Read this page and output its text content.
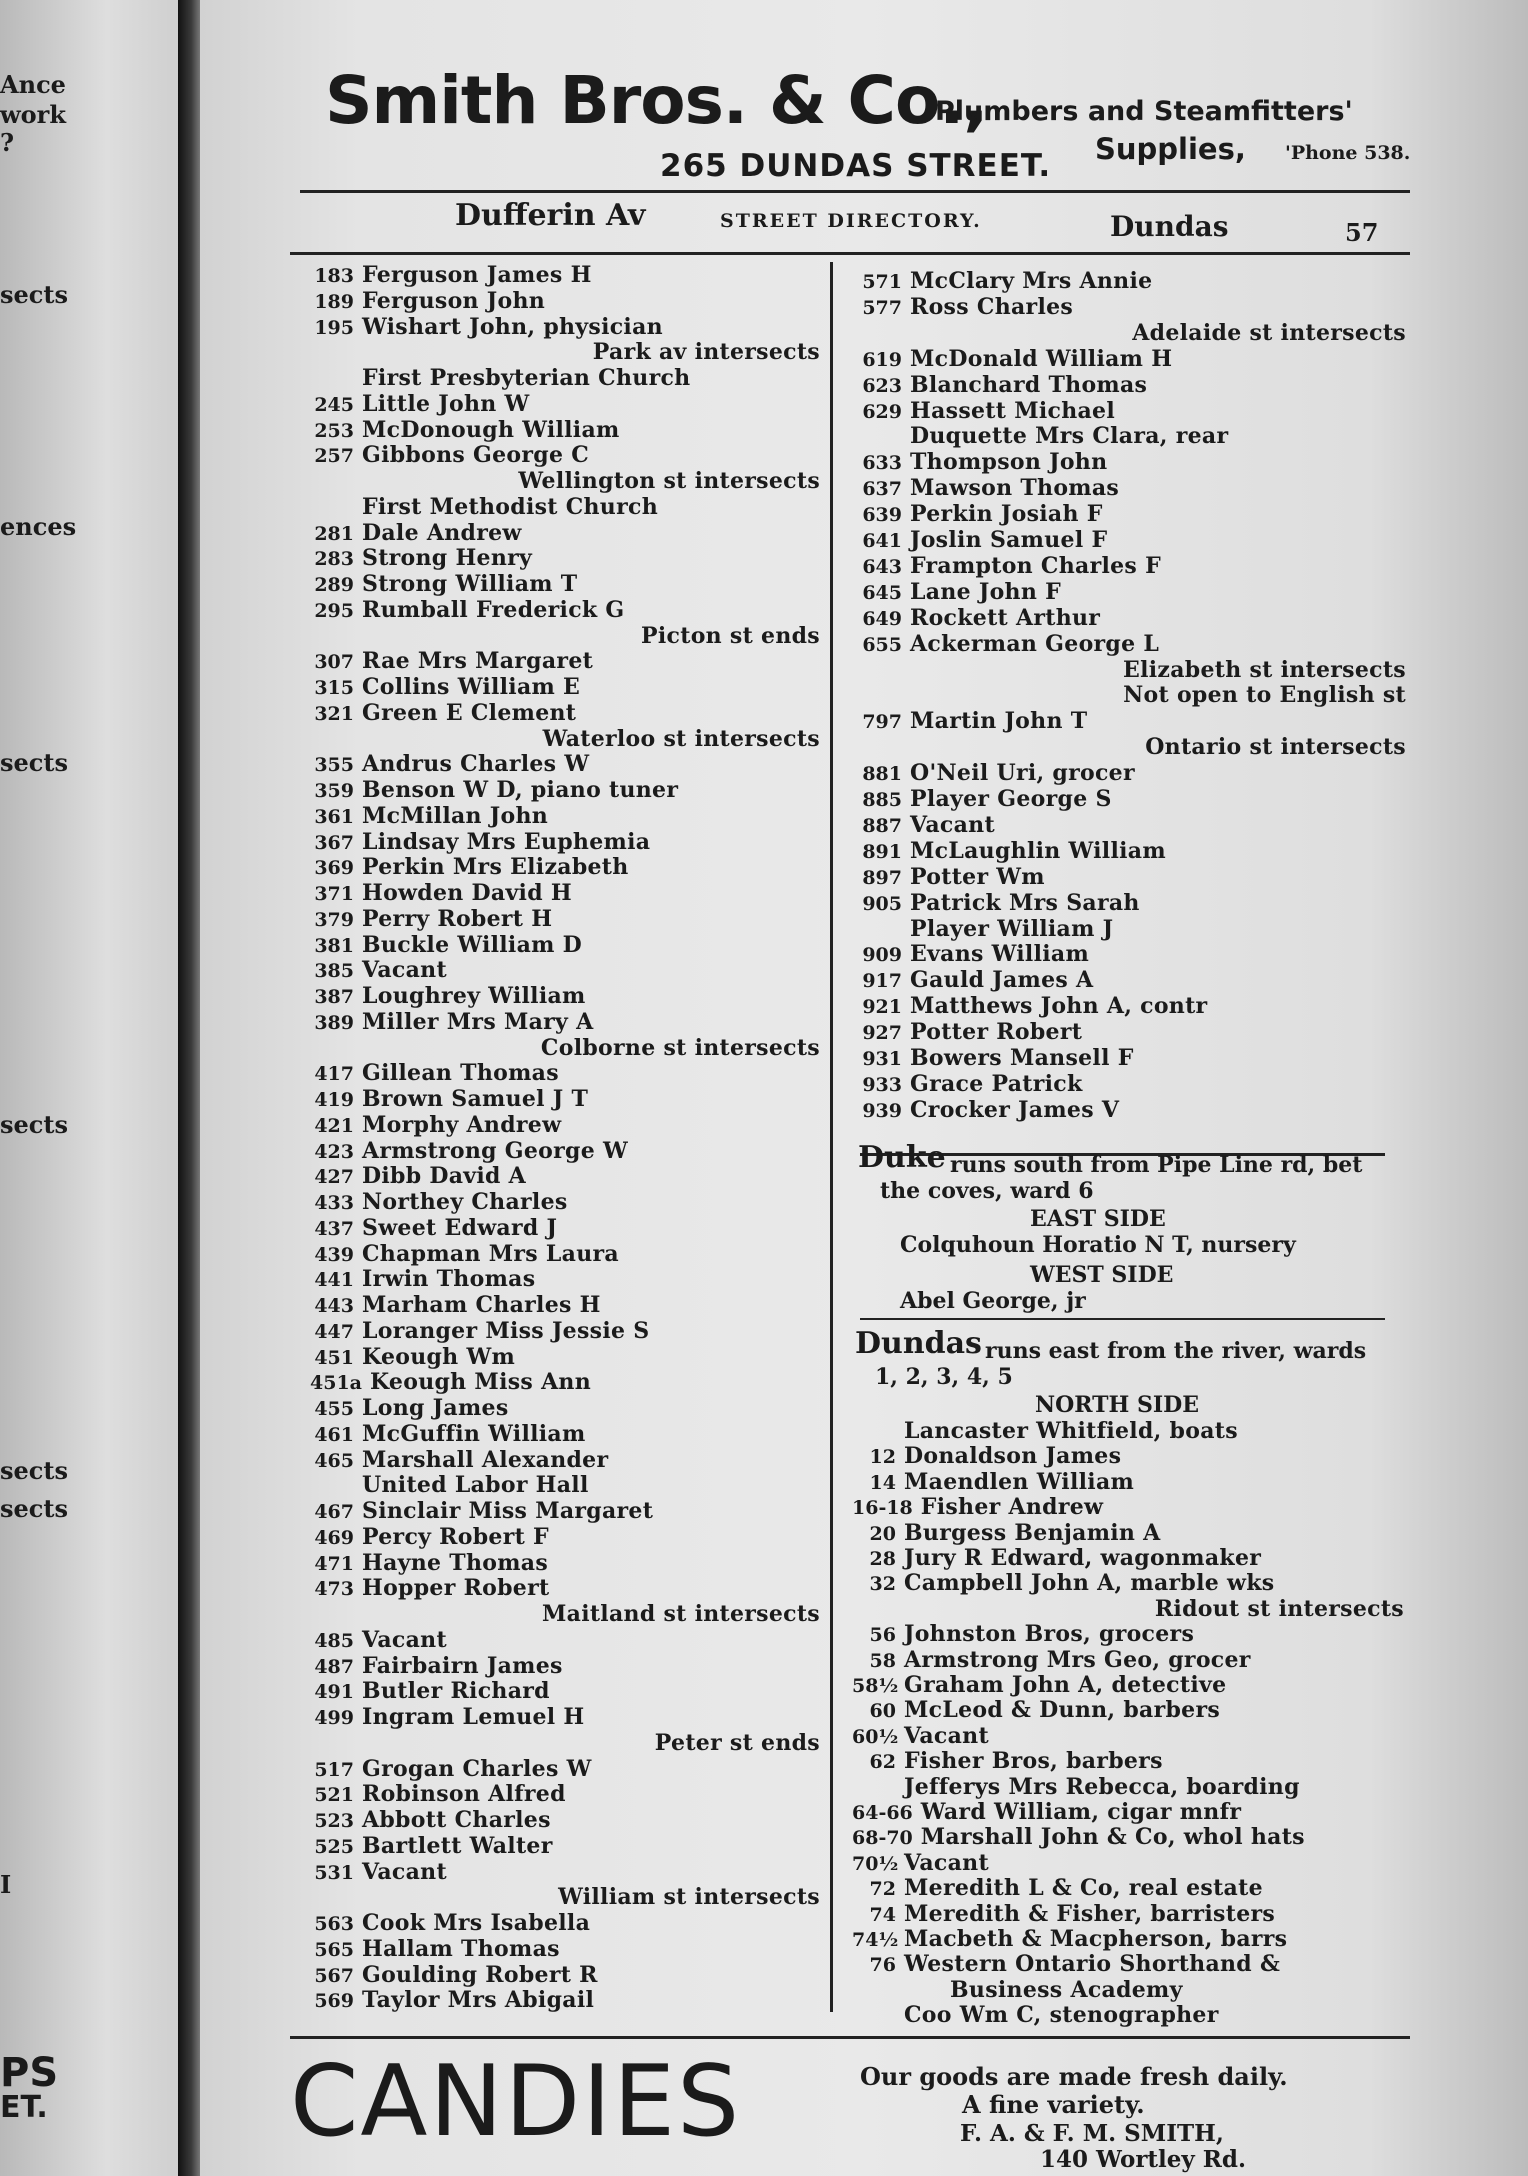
Ance
work
?
sects
ences
sects
sects
sects
sects
I
PS
ET.
Smith Bros. & Co.,
Plumbers and Steamfitters'
Supplies, 'Phone 538.
265 DUNDAS STREET.
Dufferin Av	STREET DIRECTORY.	Dundas	57
CANDIES	Our goods are made fresh daily.
A fine variety.
F. A. & F. M. SMITH,
140 Wortley Rd.
183 Ferguson James H
189 Ferguson John
195 Wishart John, physician
Park av intersects
First Presbyterian Church
245 Little John W
253 McDonough William
257 Gibbons George C
Wellington st intersects
First Methodist Church
281 Dale Andrew
283 Strong Henry
289 Strong William T
295 Rumball Frederick G
Picton st ends
307 Rae Mrs Margaret
315 Collins William E
321 Green E Clement
Waterloo st intersects
355 Andrus Charles W
359 Benson W D, piano tuner
361 McMillan John
367 Lindsay Mrs Euphemia
369 Perkin Mrs Elizabeth
371 Howden David H
379 Perry Robert H
381 Buckle William D
385 Vacant
387 Loughrey William
389 Miller Mrs Mary A
Colborne st intersects
417 Gillean Thomas
419 Brown Samuel J T
421 Morphy Andrew
423 Armstrong George W
427 Dibb David A
433 Northey Charles
437 Sweet Edward J
439 Chapman Mrs Laura
441 Irwin Thomas
443 Marham Charles H
447 Loranger Miss Jessie S
451 Keough Wm
451a Keough Miss Ann
455 Long James
461 McGuffin William
465 Marshall Alexander
United Labor Hall
467 Sinclair Miss Margaret
469 Percy Robert F
471 Hayne Thomas
473 Hopper Robert
Maitland st intersects
485 Vacant
487 Fairbairn James
491 Butler Richard
499 Ingram Lemuel H
Peter st ends
517 Grogan Charles W
521 Robinson Alfred
523 Abbott Charles
525 Bartlett Walter
531 Vacant
William st intersects
563 Cook Mrs Isabella
565 Hallam Thomas
567 Goulding Robert R
569 Taylor Mrs Abigail
571 McClary Mrs Annie
577 Ross Charles
Adelaide st intersects
619 McDonald William H
623 Blanchard Thomas
629 Hassett Michael
Duquette Mrs Clara, rear
633 Thompson John
637 Mawson Thomas
639 Perkin Josiah F
641 Joslin Samuel F
643 Frampton Charles F
645 Lane John F
649 Rockett Arthur
655 Ackerman George L
Elizabeth st intersects
Not open to English st
797 Martin John T
Ontario st intersects
881 O'Neil Uri, grocer
885 Player George S
887 Vacant
891 McLaughlin William
897 Potter Wm
905 Patrick Mrs Sarah
Player William J
909 Evans William
917 Gauld James A
921 Matthews John A, contr
927 Potter Robert
931 Bowers Mansell F
933 Grace Patrick
939 Crocker James V
Duke runs south from Pipe Line rd, bet
the coves, ward 6
EAST SIDE
Colquhoun Horatio N T, nursery
WEST SIDE
Abel George, jr
Dundas runs east from the river, wards
1, 2, 3, 4, 5
NORTH SIDE
Lancaster Whitfield, boats
12 Donaldson James
14 Maendlen William
16-18 Fisher Andrew
20 Burgess Benjamin A
28 Jury R Edward, wagonmaker
32 Campbell John A, marble wks
Ridout st intersects
56 Johnston Bros, grocers
58 Armstrong Mrs Geo, grocer
58½ Graham John A, detective
60 McLeod & Dunn, barbers
60½ Vacant
62 Fisher Bros, barbers
Jefferys Mrs Rebecca, boarding
64-66 Ward William, cigar mnfr
68-70 Marshall John & Co, whol hats
70½ Vacant
72 Meredith L & Co, real estate
74 Meredith & Fisher, barristers
74½ Macbeth & Macpherson, barrs
76 Western Ontario Shorthand &
Business Academy
Coo Wm C, stenographer
